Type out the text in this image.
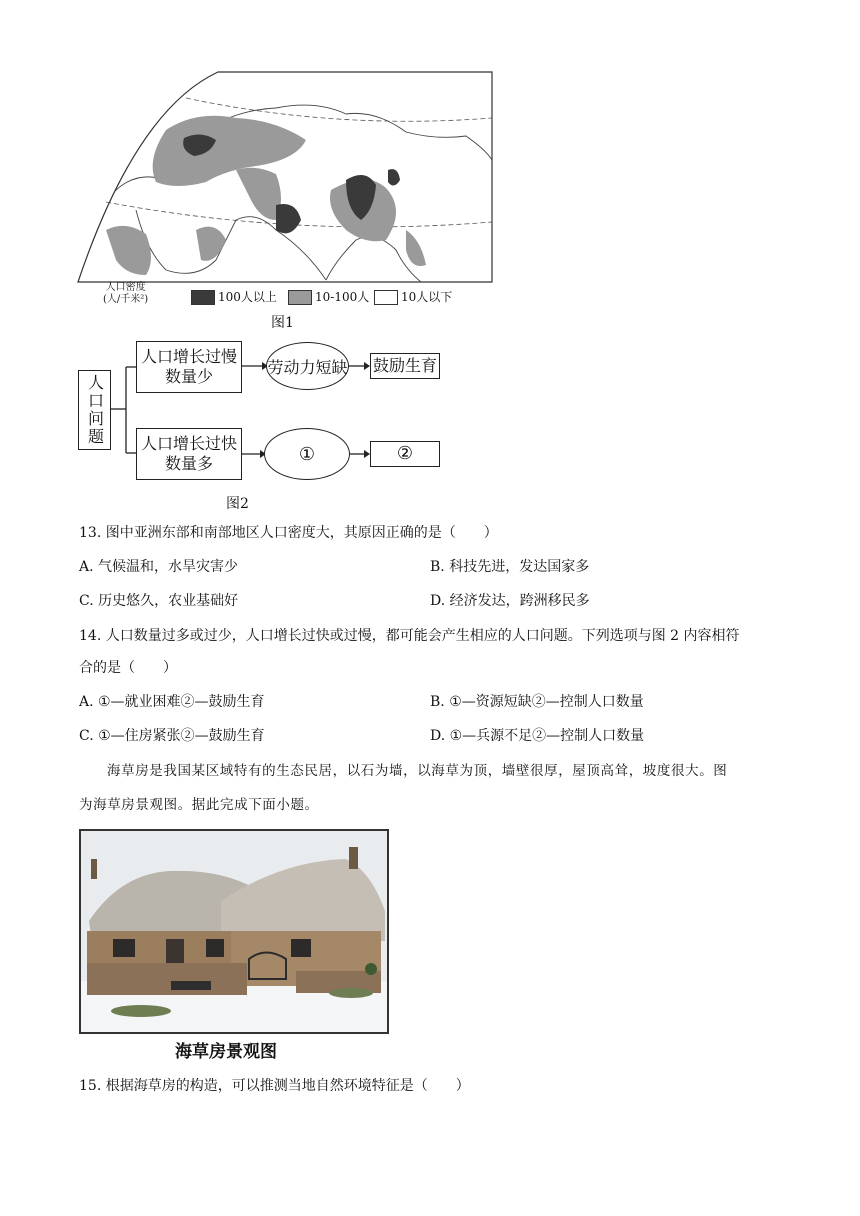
人口密度
(人/千米²)	100人以上	10-100人	10人以下
图1
人口问题
人口增长过慢
数量少	劳动力短缺 鼓励生育
人口增长过快
数量多	①	②
图2
13. 图中亚洲东部和南部地区人口密度大，其原因正确的是（　　）
A. 气候温和，水旱灾害少	B. 科技先进，发达国家多
C. 历史悠久，农业基础好	D. 经济发达，跨洲移民多
14. 人口数量过多或过少，人口增长过快或过慢，都可能会产生相应的人口问题。下列选项与图 2 内容相符
合的是（　　）
A. ①—就业困难②—鼓励生育	B. ①—资源短缺②—控制人口数量
C. ①—住房紧张②—鼓励生育	D. ①—兵源不足②—控制人口数量
海草房是我国某区域特有的生态民居，以石为墙，以海草为顶，墙壁很厚，屋顶高耸，坡度很大。图
为海草房景观图。据此完成下面小题。
海草房景观图
15. 根据海草房的构造，可以推测当地自然环境特征是（　　）
